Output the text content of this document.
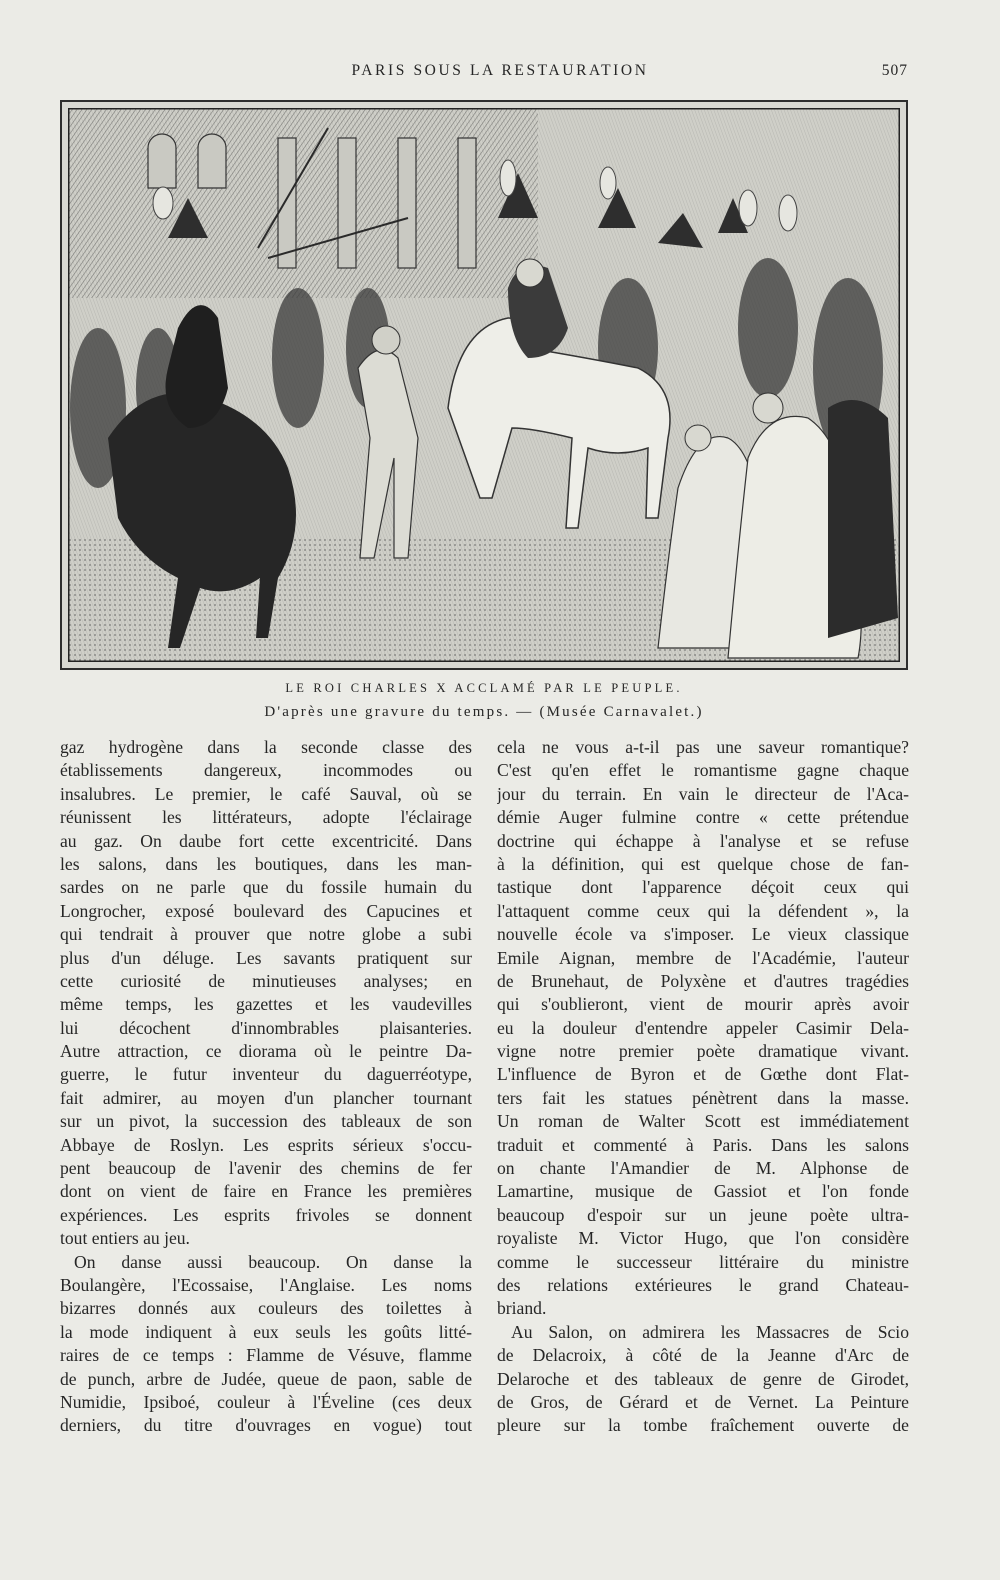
PARIS SOUS LA RESTAURATION	507
LE ROI CHARLES X ACCLAMÉ PAR LE PEUPLE.
D'après une gravure du temps. — (Musée Carnavalet.)
gaz hydrogène dans la seconde classe des
établissements dangereux, incommodes ou
insalubres. Le premier, le café Sauval, où se
réunissent les littérateurs, adopte l'éclairage
au gaz. On daube fort cette excentricité. Dans
les salons, dans les boutiques, dans les man-
sardes on ne parle que du fossile humain du
Longrocher, exposé boulevard des Capucines et
qui tendrait à prouver que notre globe a subi
plus d'un déluge. Les savants pratiquent sur
cette curiosité de minutieuses analyses; en
même temps, les gazettes et les vaudevilles
lui décochent d'innombrables plaisanteries.
Autre attraction, ce diorama où le peintre Da-
guerre, le futur inventeur du daguerréotype,
fait admirer, au moyen d'un plancher tournant
sur un pivot, la succession des tableaux de son
Abbaye de Roslyn. Les esprits sérieux s'occu-
pent beaucoup de l'avenir des chemins de fer
dont on vient de faire en France les premières
expériences. Les esprits frivoles se donnent
tout entiers au jeu.
On danse aussi beaucoup. On danse la
Boulangère, l'Ecossaise, l'Anglaise. Les noms
bizarres donnés aux couleurs des toilettes à
la mode indiquent à eux seuls les goûts litté-
raires de ce temps : Flamme de Vésuve, flamme
de punch, arbre de Judée, queue de paon, sable de
Numidie, Ipsiboé, couleur à l'Éveline (ces deux
derniers, du titre d'ouvrages en vogue) tout
cela ne vous a-t-il pas une saveur romantique?
C'est qu'en effet le romantisme gagne chaque
jour du terrain. En vain le directeur de l'Aca-
démie Auger fulmine contre « cette prétendue
doctrine qui échappe à l'analyse et se refuse
à la définition, qui est quelque chose de fan-
tastique dont l'apparence déçoit ceux qui
l'attaquent comme ceux qui la défendent », la
nouvelle école va s'imposer. Le vieux classique
Emile Aignan, membre de l'Académie, l'auteur
de Brunehaut, de Polyxène et d'autres tragédies
qui s'oublieront, vient de mourir après avoir
eu la douleur d'entendre appeler Casimir Dela-
vigne notre premier poète dramatique vivant.
L'influence de Byron et de Gœthe dont Flat-
ters fait les statues pénètrent dans la masse.
Un roman de Walter Scott est immédiatement
traduit et commenté à Paris. Dans les salons
on chante l'Amandier de M. Alphonse de
Lamartine, musique de Gassiot et l'on fonde
beaucoup d'espoir sur un jeune poète ultra-
royaliste M. Victor Hugo, que l'on considère
comme le successeur littéraire du ministre
des relations extérieures le grand Chateau-
briand.
Au Salon, on admirera les Massacres de Scio
de Delacroix, à côté de la Jeanne d'Arc de
Delaroche et des tableaux de genre de Girodet,
de Gros, de Gérard et de Vernet. La Peinture
pleure sur la tombe fraîchement ouverte de
